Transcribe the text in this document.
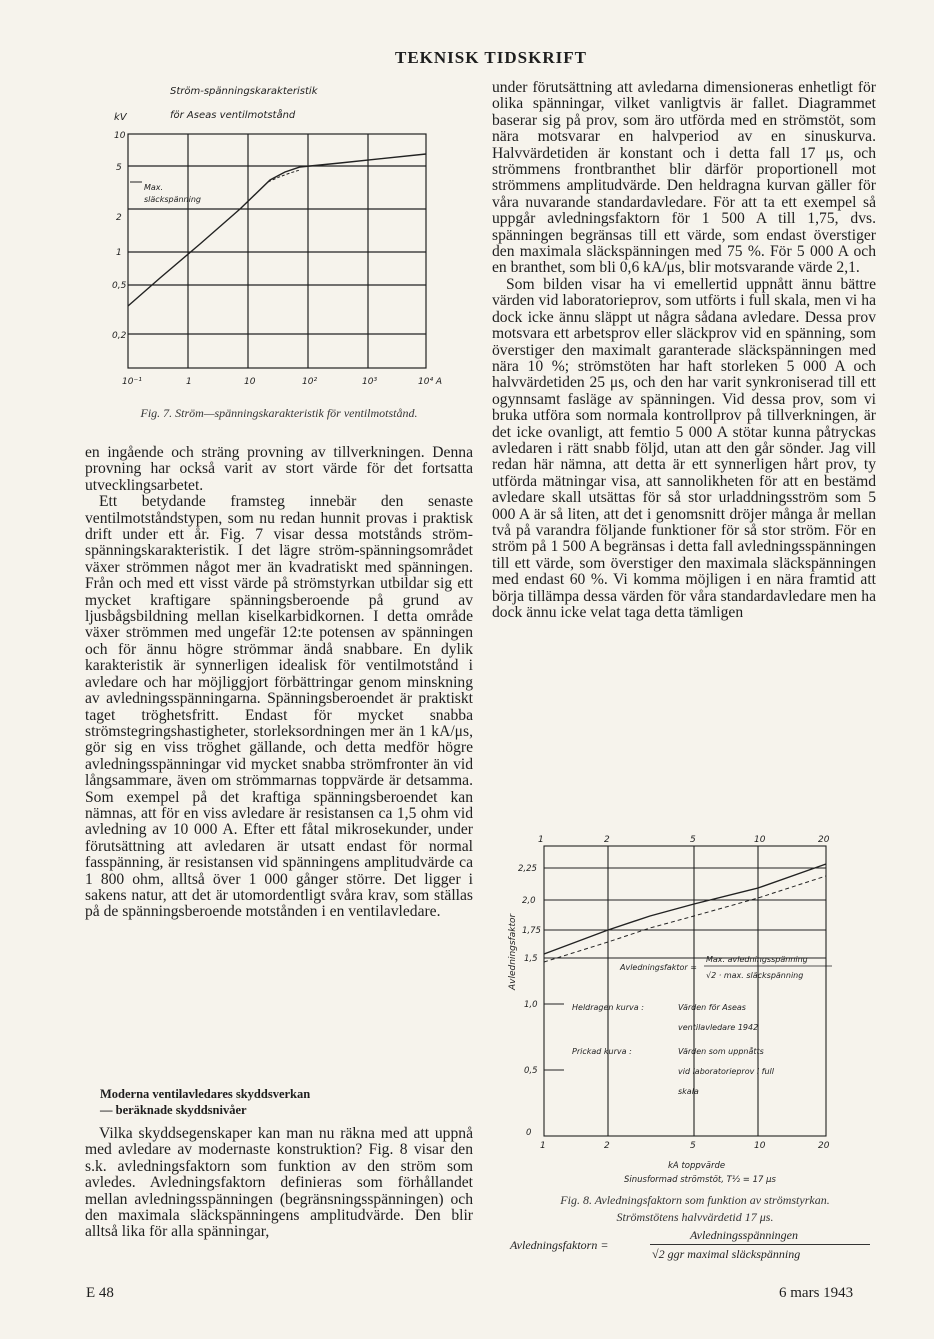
TEKNISK TIDSKRIFT
Ström-spänningskarakteristik
för Aseas ventilmotstånd
kV
10
5
2
1
0,5
0,2
10⁻¹	1	10	10²	10³	10⁴ A
Max.
släckspänning
Fig. 7. Ström—spänningskarakteristik för ventilmotstånd.

en ingående och sträng provning av tillverkningen. Denna provning har också varit av stort värde för det fortsatta utvecklingsarbetet.

Ett betydande framsteg innebär den senaste ventilmotståndstypen, som nu redan hunnit provas i praktisk drift under ett år. Fig. 7 visar dessa motstånds ström-spänningskarakteristik. I det lägre ström-spänningsområdet växer strömmen något mer än kvadratiskt med spänningen. Från och med ett visst värde på strömstyrkan utbildar sig ett mycket kraftigare spänningsberoende på grund av ljusbågsbildning mellan kiselkarbidkornen. I detta område växer strömmen med ungefär 12:te potensen av spänningen och för ännu högre strömmar ändå snabbare. En dylik karakteristik är synnerligen idealisk för ventilmotstånd i avledare och har möjliggjort förbättringar genom minskning av avledningsspänningarna. Spänningsberoendet är praktiskt taget tröghetsfritt. Endast för mycket snabba strömstegringshastigheter, storleksordningen mer än 1 kA/μs, gör sig en viss tröghet gällande, och detta medför högre avledningsspänningar vid mycket snabba strömfronter än vid långsammare, även om strömmarnas toppvärde är detsamma. Som exempel på det kraftiga spänningsberoendet kan nämnas, att för en viss avledare är resistansen ca 1,5 ohm vid avledning av 10 000 A. Efter ett fåtal mikrosekunder, under förutsättning att avledaren är utsatt endast för normal fasspänning, är resistansen vid spänningens amplitudvärde ca 1 800 ohm, alltså över 1 000 gånger större. Det ligger i sakens natur, att det är utomordentligt svåra krav, som ställas på de spänningsberoende motstånden i en ventilavledare.

Moderna ventilavledares skyddsverkan
— beräknade skyddsnivåer

Vilka skyddsegenskaper kan man nu räkna med att uppnå med avledare av modernaste konstruktion? Fig. 8 visar den s.k. avledningsfaktorn som funktion av den ström som avledes. Avledningsfaktorn definieras som förhållandet mellan avledningsspänningen (begränsningsspänningen) och den maximala släckspänningens amplitudvärde. Den blir alltså lika för alla spänningar,

under förutsättning att avledarna dimensioneras enhetligt för olika spänningar, vilket vanligtvis är fallet. Diagrammet baserar sig på prov, som äro utförda med en strömstöt, som nära motsvarar en halvperiod av en sinuskurva. Halvvärdetiden är konstant och i detta fall 17 μs, och strömmens frontbranthet blir därför proportionell mot strömmens amplitudvärde. Den heldragna kurvan gäller för våra nuvarande standardavledare. För att ta ett exempel så uppgår avledningsfaktorn för 1 500 A till 1,75, dvs. spänningen begränsas till ett värde, som endast överstiger den maximala släckspänningen med 75 %. För 5 000 A och en branthet, som bli 0,6 kA/μs, blir motsvarande värde 2,1.

Som bilden visar ha vi emellertid uppnått ännu bättre värden vid laboratorieprov, som utförts i full skala, men vi ha dock icke ännu släppt ut några sådana avledare. Dessa prov motsvara ett arbetsprov eller släckprov vid en spänning, som överstiger den maximalt garanterade släckspänningen med nära 10 %; strömstöten har haft storleken 5 000 A och halvvärdetiden 25 μs, och den har varit synkroniserad till ett ogynnsamt fasläge av spänningen. Vid dessa prov, som vi bruka utföra som normala kontrollprov på tillverkningen, är det icke ovanligt, att femtio 5 000 A stötar kunna påtryckas avledaren i rätt snabb följd, utan att den går sönder. Jag vill redan här nämna, att detta är ett synnerligen hårt prov, ty utförda mätningar visa, att sannolikheten för att en bestämd avledare skall utsättas för så stor urladdningsström som 5 000 A är så liten, att det i genomsnitt dröjer många år mellan två på varandra följande funktioner för så stor ström. För en ström på 1 500 A begränsas i detta fall avledningsspänningen till ett värde, som överstiger den maximala släckspänningen med endast 60 %. Vi komma möjligen i en nära framtid att börja tillämpa dessa värden för våra standardavledare men ha dock ännu icke velat taga detta tämligen

1	2	5	10	20
2,25
2,0
1,75
1,5
1,0
0,5
0
Avledningsfaktor	Avledningsfaktor =
Max. avledningsspänning
√2 · max. släckspänning
Heldragen kurva :	Värden för Aseas
ventilavledare 1942
Prickad kurva :	Värden som uppnåtts
vid laboratorieprov i full
skala
1	2	5	10	20
kA toppvärde
Sinusformad strömstöt, T½ = 17 μs
Fig. 8. Avledningsfaktorn som funktion av strömstyrkan.
Strömstötens halvvärdetid 17 μs.
Avledningsfaktorn =
Avledningsspänningen
√2 ggr maximal släckspänning
E 48	6 mars 1943
